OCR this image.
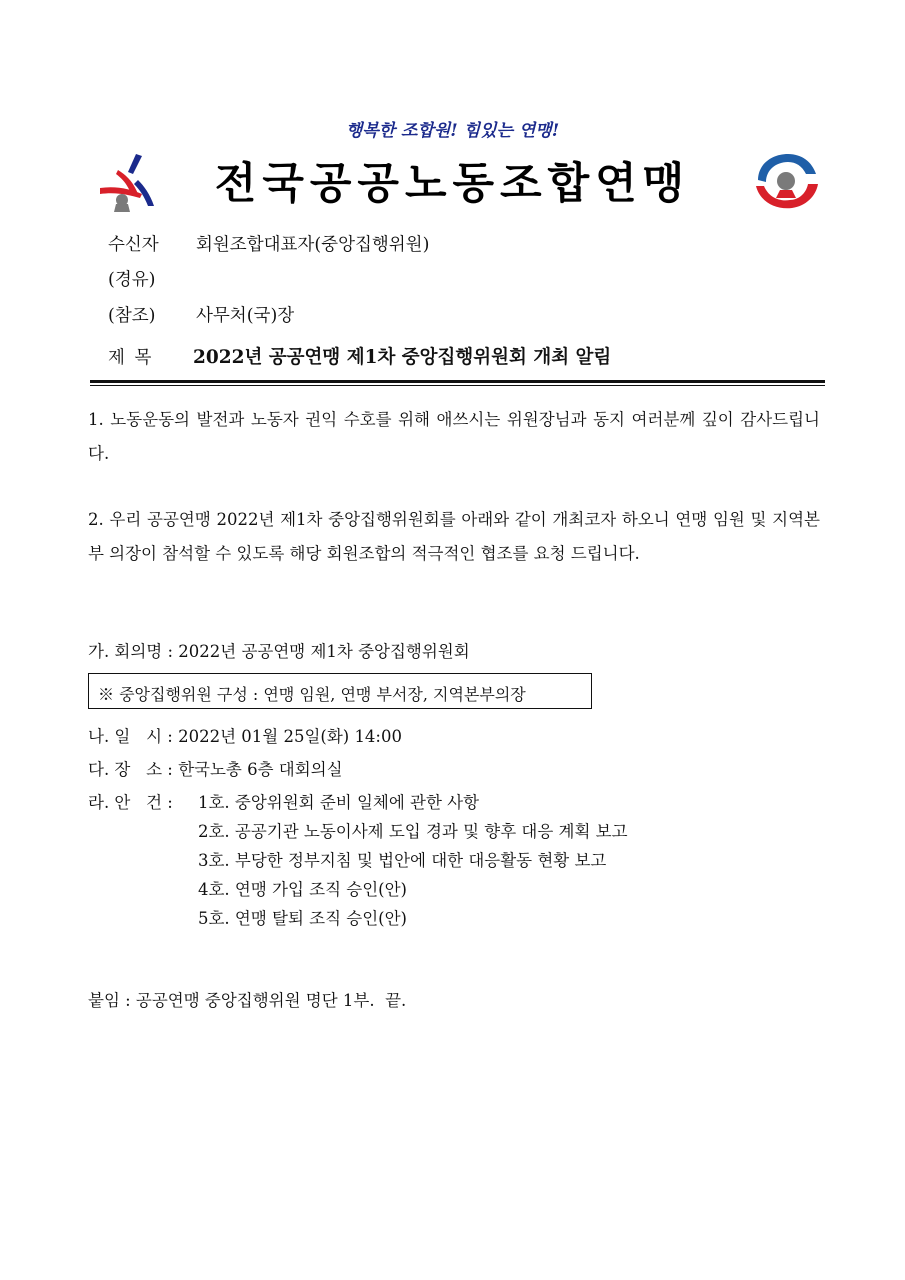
행복한 조합원! 힘있는 연맹!
전국공공노동조합연맹
수신자 회원조합대표자(중앙집행위원)
(경유)
(참조) 사무처(국)장
제 목 2022년 공공연맹 제1차 중앙집행위원회 개최 알림
1. 노동운동의 발전과 노동자 권익 수호를 위해 애쓰시는 위원장님과 동지 여러분께 깊이 감사드립니다.
2. 우리 공공연맹 2022년 제1차 중앙집행위원회를 아래와 같이 개최코자 하오니 연맹 임원 및 지역본부 의장이 참석할 수 있도록 해당 회원조합의 적극적인 협조를 요청 드립니다.
가. 회의명 : 2022년 공공연맹 제1차 중앙집행위원회
※ 중앙집행위원 구성 : 연맹 임원, 연맹 부서장, 지역본부의장
나. 일   시 : 2022년 01월 25일(화) 14:00
다. 장   소 : 한국노총 6층 대회의실
라. 안   건 : 1호. 중앙위원회 준비 일체에 관한 사항
2호. 공공기관 노동이사제 도입 경과 및 향후 대응 계획 보고
3호. 부당한 정부지침 및 법안에 대한 대응활동 현황 보고
4호. 연맹 가입 조직 승인(안)
5호. 연맹 탈퇴 조직 승인(안)
붙임 : 공공연맹 중앙집행위원 명단 1부.  끝.
